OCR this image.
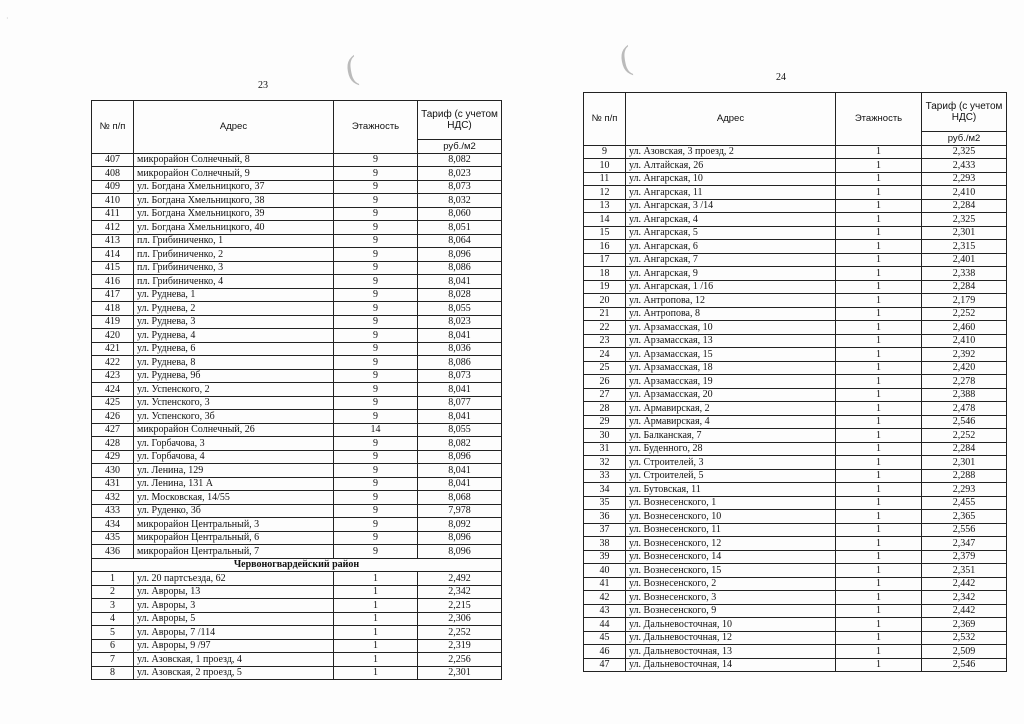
·
(	(
23
24
№ п/п	Адрес	Этажность	Тариф (с учетом НДС)
			руб./м2
407	микрорайон Солнечный, 8	9	8,082
408	микрорайон Солнечный, 9	9	8,023
409	ул. Богдана Хмельницкого, 37	9	8,073
410	ул. Богдана Хмельницкого, 38	9	8,032
411	ул. Богдана Хмельницкого, 39	9	8,060
412	ул. Богдана Хмельницкого, 40	9	8,051
413	пл. Грибиниченко, 1	9	8,064
414	пл. Грибиниченко, 2	9	8,096
415	пл. Грибиниченко, 3	9	8,086
416	пл. Грибиниченко, 4	9	8,041
417	ул. Руднева, 1	9	8,028
418	ул. Руднева, 2	9	8,055
419	ул. Руднева, 3	9	8,023
420	ул. Руднева, 4	9	8,041
421	ул. Руднева, 6	9	8,036
422	ул. Руднева, 8	9	8,086
423	ул. Руднева, 9б	9	8,073
424	ул. Успенского, 2	9	8,041
425	ул. Успенского, 3	9	8,077
426	ул. Успенского, 3б	9	8,041
427	микрорайон Солнечный, 26	14	8,055
428	ул. Горбачова, 3	9	8,082
429	ул. Горбачова, 4	9	8,096
430	ул. Ленина, 129	9	8,041
431	ул. Ленина, 131 А	9	8,041
432	ул. Московская, 14/55	9	8,068
433	ул. Руденко, 3б	9	7,978
434	микрорайон Центральный, 3	9	8,092
435	микрорайон Центральный, 6	9	8,096
436	микрорайон Центральный, 7	9	8,096
Червоногвардейский район			
1	ул. 20 партсъезда, 62	1	2,492
2	ул. Авроры, 13	1	2,342
3	ул. Авроры, 3	1	2,215
4	ул. Авроры, 5	1	2,306
5	ул. Авроры, 7 /114	1	2,252
6	ул. Авроры, 9 /97	1	2,319
7	ул. Азовская, 1 проезд, 4	1	2,256
8	ул. Азовская, 2 проезд, 5	1	2,301
№ п/п	Адрес	Этажность	Тариф (с учетом НДС)
			руб./м2
9	ул. Азовская, 3 проезд, 2	1	2,325
10	ул. Алтайская, 26	1	2,433
11	ул. Ангарская, 10	1	2,293
12	ул. Ангарская, 11	1	2,410
13	ул. Ангарская, 3 /14	1	2,284
14	ул. Ангарская, 4	1	2,325
15	ул. Ангарская, 5	1	2,301
16	ул. Ангарская, 6	1	2,315
17	ул. Ангарская, 7	1	2,401
18	ул. Ангарская, 9	1	2,338
19	ул. Ангарская, 1 /16	1	2,284
20	ул. Антропова, 12	1	2,179
21	ул. Антропова, 8	1	2,252
22	ул. Арзамасская, 10	1	2,460
23	ул. Арзамасская, 13	1	2,410
24	ул. Арзамасская, 15	1	2,392
25	ул. Арзамасская, 18	1	2,420
26	ул. Арзамасская, 19	1	2,278
27	ул. Арзамасская, 20	1	2,388
28	ул. Армавирская, 2	1	2,478
29	ул. Армавирская, 4	1	2,546
30	ул. Балканская, 7	1	2,252
31	ул. Буденного, 28	1	2,284
32	ул. Строителей, 3	1	2,301
33	ул. Строителей, 5	1	2,288
34	ул. Бутовская, 11	1	2,293
35	ул. Вознесенского, 1	1	2,455
36	ул. Вознесенского, 10	1	2,365
37	ул. Вознесенского, 11	1	2,556
38	ул. Вознесенского, 12	1	2,347
39	ул. Вознесенского, 14	1	2,379
40	ул. Вознесенского, 15	1	2,351
41	ул. Вознесенского, 2	1	2,442
42	ул. Вознесенского, 3	1	2,342
43	ул. Вознесенского, 9	1	2,442
44	ул. Дальневосточная, 10	1	2,369
45	ул. Дальневосточная, 12	1	2,532
46	ул. Дальневосточная, 13	1	2,509
47	ул. Дальневосточная, 14	1	2,546
